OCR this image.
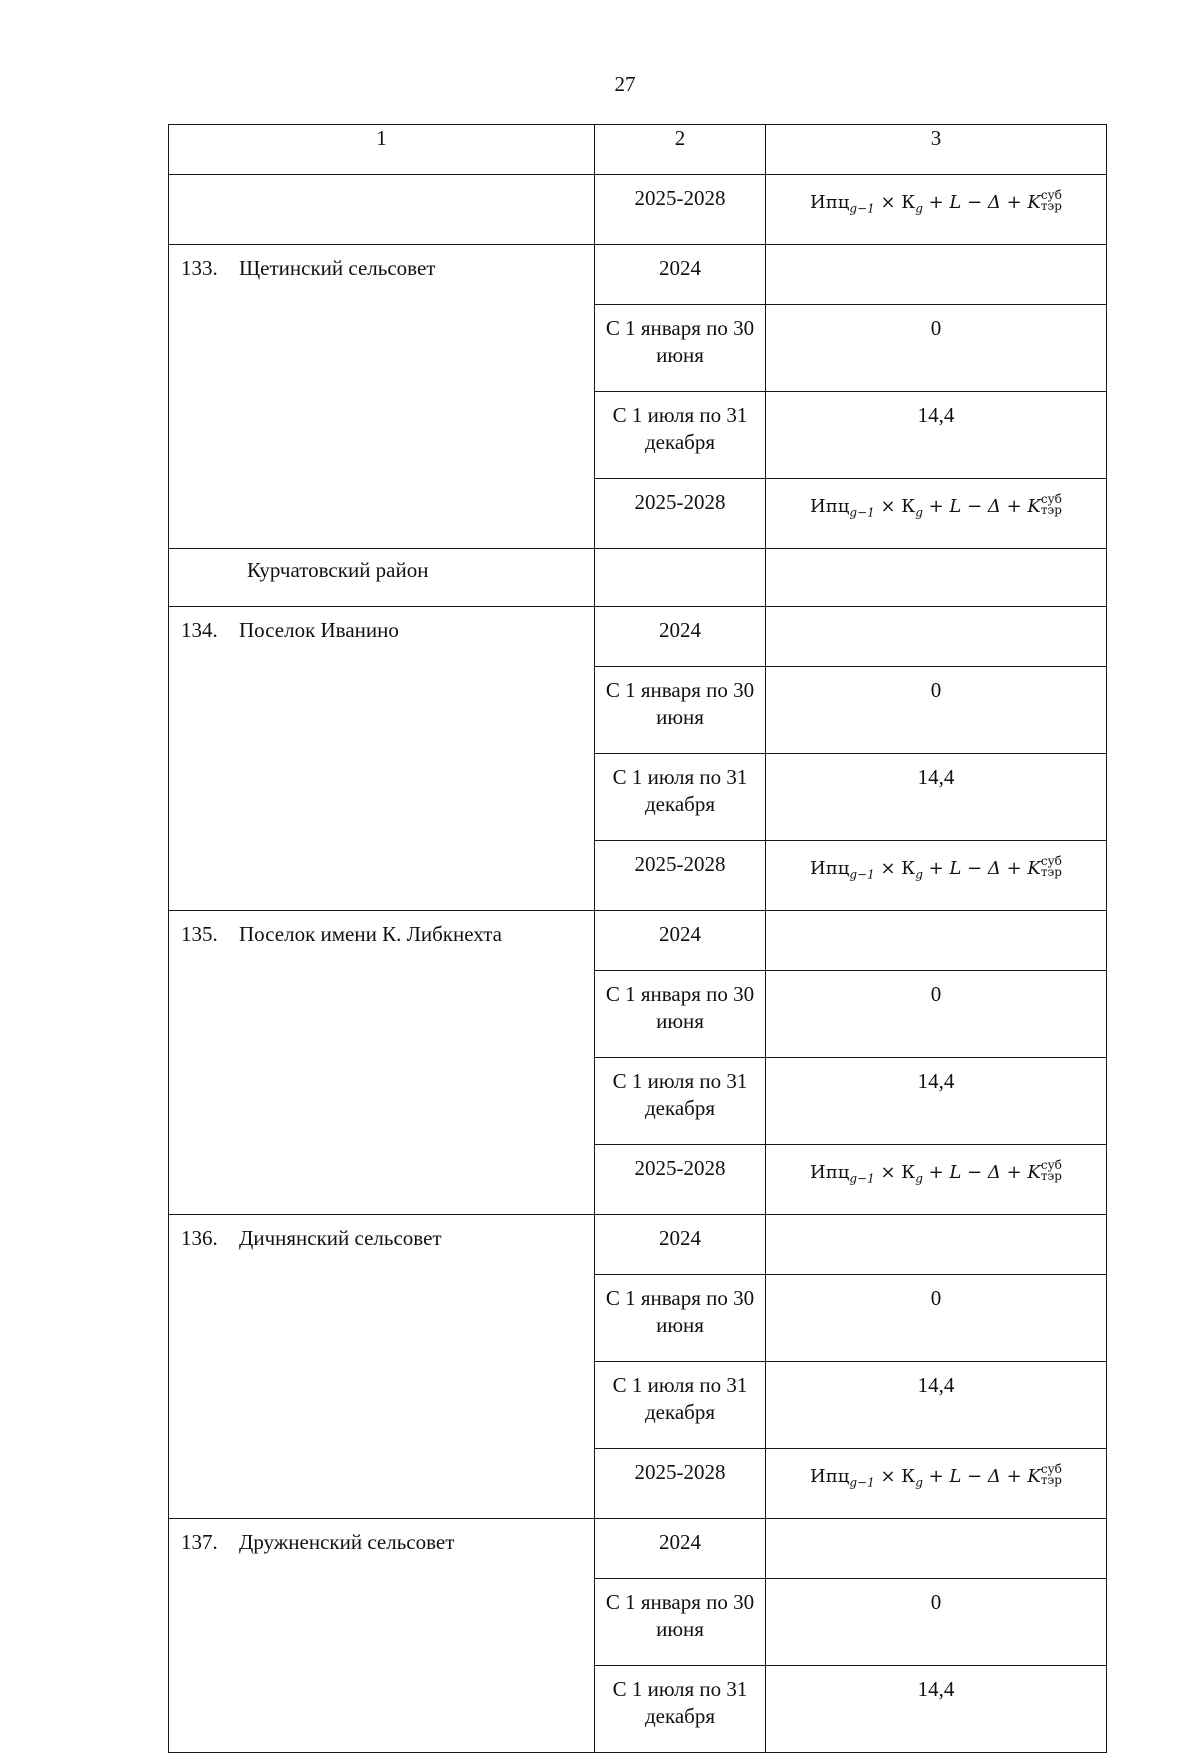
27
1	2	3
	2025-2028	$Ипц_{g-1} \times К_g + L - \Delta + K$ суб
тэр

133. Щетинский сельсовет	2024	
	С 1 января по 30 июня	0
	С 1 июля по 31 декабря	14,4
	2025-2028	$Ипц_{g-1} \times К_g + L - \Delta + K$ суб
тэр

Курчатовский район		
134. Поселок Иванино	2024	
	С 1 января по 30 июня	0
	С 1 июля по 31 декабря	14,4
	2025-2028	$Ипц_{g-1} \times К_g + L - \Delta + K$ суб
тэр

135. Поселок имени К. Либкнехта	2024	
	С 1 января по 30 июня	0
	С 1 июля по 31 декабря	14,4
	2025-2028	$Ипц_{g-1} \times К_g + L - \Delta + K$ суб
тэр

136. Дичнянский сельсовет	2024	
	С 1 января по 30 июня	0
	С 1 июля по 31 декабря	14,4
	2025-2028	$Ипц_{g-1} \times К_g + L - \Delta + K$ суб
тэр

137. Дружненский сельсовет	2024	
	С 1 января по 30 июня	0
	С 1 июля по 31 декабря	14,4
